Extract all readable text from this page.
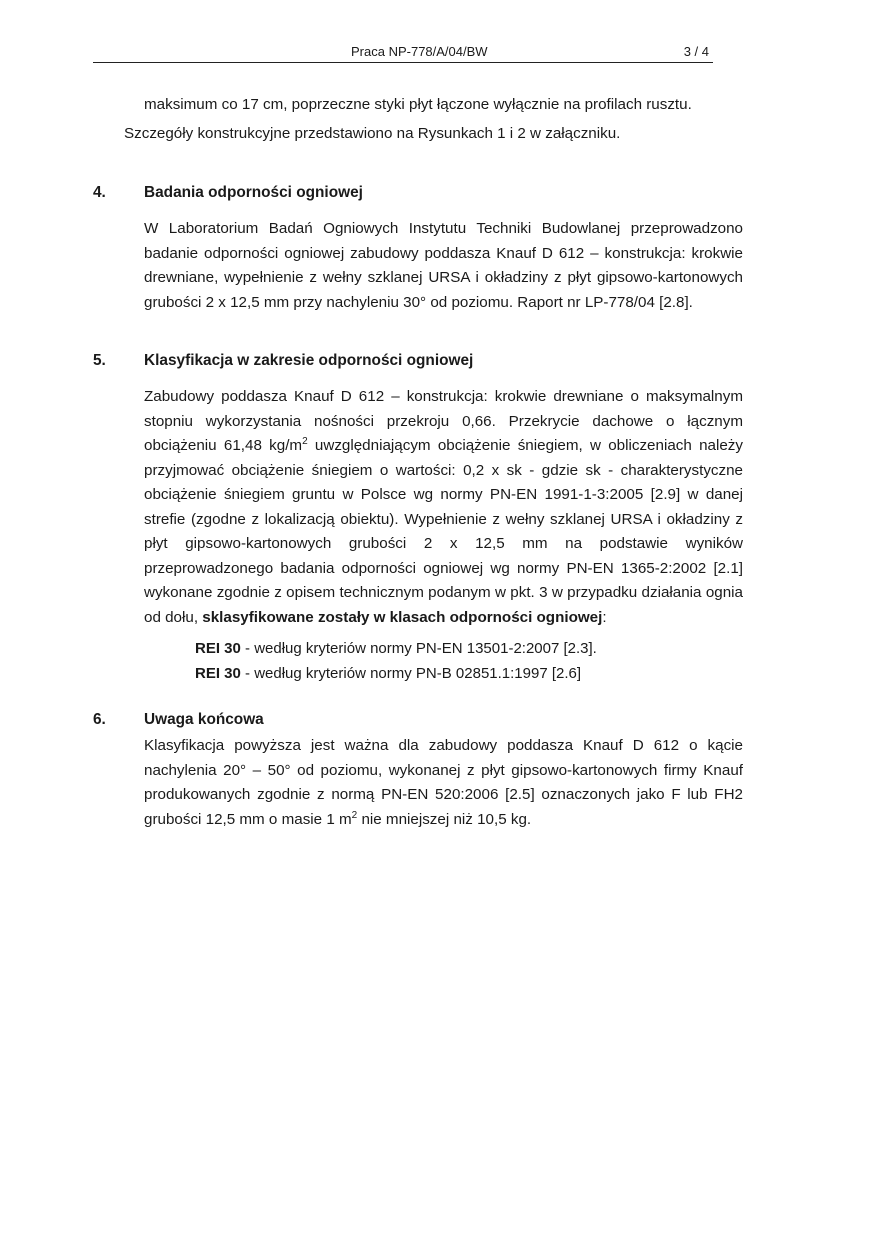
Praca NP-778/A/04/BW	3 / 4
maksimum co 17 cm, poprzeczne styki płyt łączone wyłącznie na profilach rusztu.
Szczegóły konstrukcyjne przedstawiono na Rysunkach 1 i 2 w załączniku.
4.	Badania odporności ogniowej
W Laboratorium Badań Ogniowych Instytutu Techniki Budowlanej przeprowadzono badanie odporności ogniowej zabudowy poddasza Knauf D 612 – konstrukcja: krokwie drewniane, wypełnienie z wełny szklanej URSA i okładziny z płyt gipsowo-kartonowych grubości 2 x 12,5 mm przy nachyleniu 30° od poziomu. Raport nr LP-778/04 [2.8].
5.	Klasyfikacja w zakresie odporności ogniowej
Zabudowy poddasza Knauf D 612 – konstrukcja: krokwie drewniane o maksymalnym stopniu wykorzystania nośności przekroju 0,66. Przekrycie dachowe o łącznym obciążeniu 61,48 $kg/m^2$ uwzględniającym obciążenie śniegiem, w obliczeniach należy przyjmować obciążenie śniegiem o wartości: 0,2 x sk - gdzie sk - charakterystyczne obciążenie śniegiem gruntu w Polsce wg normy PN-EN 1991-1-3:2005 [2.9] w danej strefie (zgodne z lokalizacją obiektu). Wypełnienie z wełny szklanej URSA i okładziny z płyt gipsowo-kartonowych grubości 2 x 12,5 mm na podstawie wyników przeprowadzonego badania odporności ogniowej wg normy PN-EN 1365-2:2002 [2.1] wykonane zgodnie z opisem technicznym podanym w pkt. 3 w przypadku działania ognia od dołu, sklasyfikowane zostały w klasach odporności ogniowej:
REI 30 - według kryteriów normy PN-EN 13501-2:2007 [2.3].
REI 30 - według kryteriów normy PN-B 02851.1:1997 [2.6]
6.	Uwaga końcowa
Klasyfikacja powyższa jest ważna dla zabudowy poddasza Knauf D 612 o kącie nachylenia 20° – 50° od poziomu, wykonanej z płyt gipsowo-kartonowych firmy Knauf produkowanych zgodnie z normą PN-EN 520:2006 [2.5] oznaczonych jako F lub FH2 grubości 12,5 mm o masie 1 $m^2$ nie mniejszej niż 10,5 kg.
